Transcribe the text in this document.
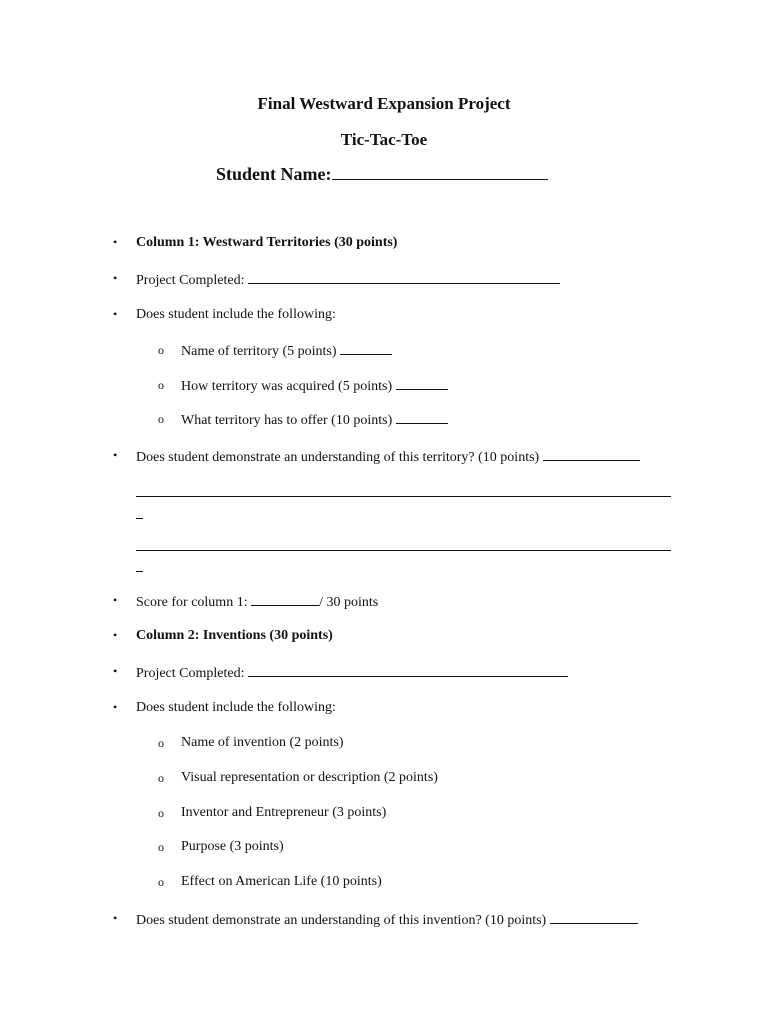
Final Westward Expansion Project
Tic-Tac-Toe
Student Name:
• Column 1: Westward Territories (30 points)
• Project Completed:
• Does student include the following:
o Name of territory (5 points)
o How territory was acquired (5 points)
o What territory has to offer (10 points)
• Does student demonstrate an understanding of this territory? (10 points)
• Score for column 1:	/ 30 points
• Column 2: Inventions (30 points)
• Project Completed:
• Does student include the following:
o Name of invention (2 points)
o Visual representation or description (2 points)
o Inventor and Entrepreneur (3 points)
o Purpose (3 points)
o Effect on American Life (10 points)
• Does student demonstrate an understanding of this invention? (10 points)
